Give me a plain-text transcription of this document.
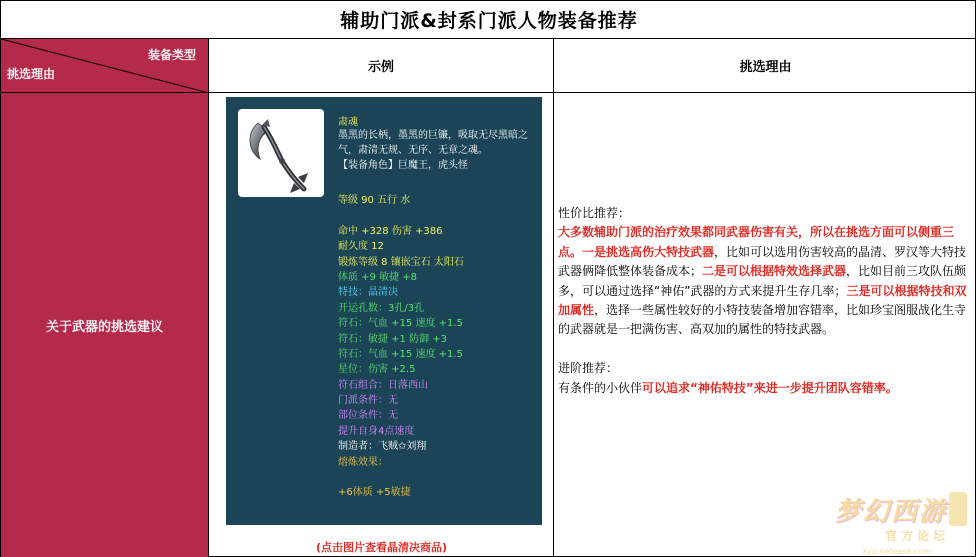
辅助门派&封系门派人物装备推荐
装备类型
挑选理由	示例	挑选理由
关于武器的挑选建议
肃魂
墨黑的长柄，墨黑的巨镰，吸取无尽黑暗之气，肃清无规、无序、无章之魂。
【装备角色】巨魔王，虎头怪
等级 90 五行 水
命中 +328 伤害 +386
耐久度 12
锻炼等级 8 镶嵌宝石 太阳石
体质 +9 敏捷 +8
特技：晶清决
开运孔数：3孔/3孔
符石：气血 +15 速度 +1.5
符石：敏捷 +1 防御 +3
符石：气血 +15 速度 +1.5
星位：伤害 +2.5
符石组合：日落西山
门派条件：无
部位条件：无
提升自身4点速度
制造者：飞贼✩刘翔
熔炼效果：
+6体质 +5敏捷
(点击图片查看晶清决商品)

性价比推荐：

大多数辅助门派的治疗效果都同武器伤害有关，所以在挑选方面可以侧重三点。一是挑选高伤大特技武器，比如可以选用伤害较高的晶清、罗汉等大特技武器俩降低整体装备成本；二是可以根据特效选择武器，比如目前三攻队伍颇多，可以通过选择“神佑”武器的方式来提升生存几率；三是可以根据特技和双加属性，选择一些属性较好的小特技装备增加容错率，比如珍宝阁服战化生寺的武器就是一把满伤害、高双加的属性的特技武器。

进阶推荐：

有条件的小伙伴可以追求“神佑特技”来进一步提升团队容错率。

梦幻西游
官方论坛
xyq.netease.com
